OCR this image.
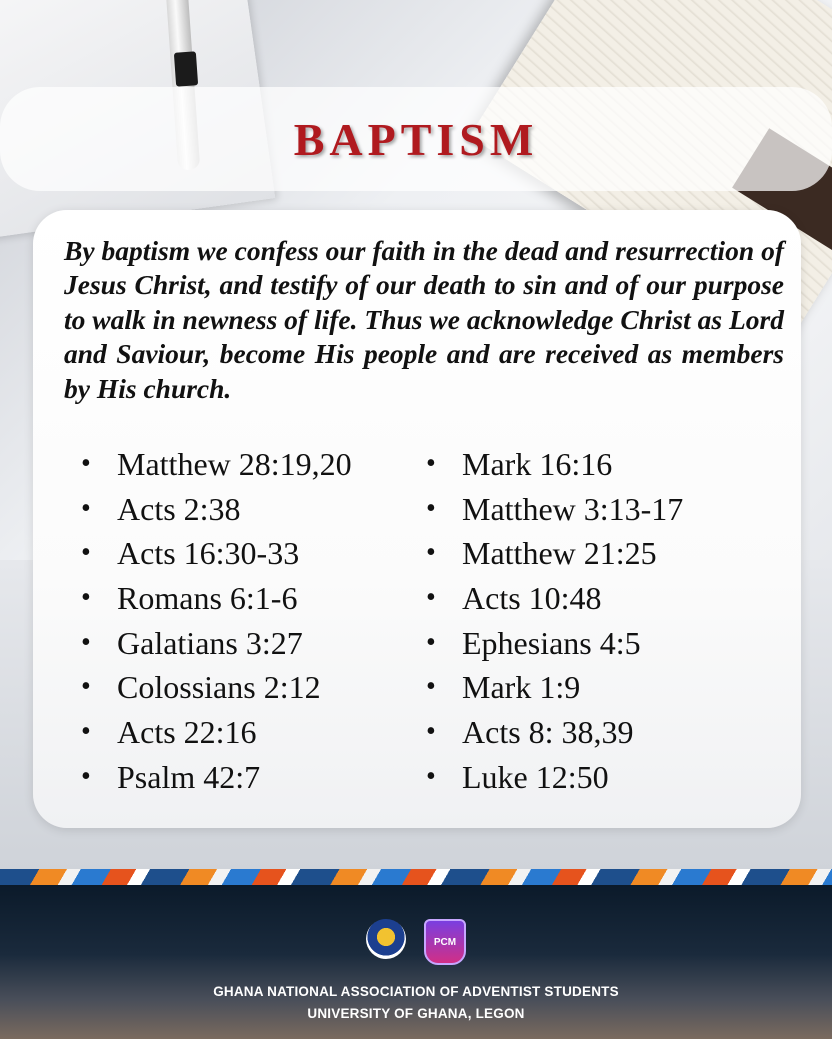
BAPTISM

By baptism we confess our faith in the dead and resurrection of Jesus Christ, and testify of our death to sin and of our purpose to walk in newness of life. Thus we acknowledge Christ as Lord and Saviour, become His people and are received as members by His church.

• Matthew 28:19,20
• Acts 2:38
• Acts 16:30-33
• Romans 6:1-6
• Galatians 3:27
• Colossians 2:12
• Acts 22:16
• Psalm 42:7
• Mark 16:16
• Matthew 3:13-17
• Matthew 21:25
• Acts 10:48
• Ephesians 4:5
• Mark 1:9
• Acts 8: 38,39
• Luke 12:50
PCM
GHANA NATIONAL ASSOCIATION OF ADVENTIST STUDENTS
UNIVERSITY OF GHANA, LEGON
